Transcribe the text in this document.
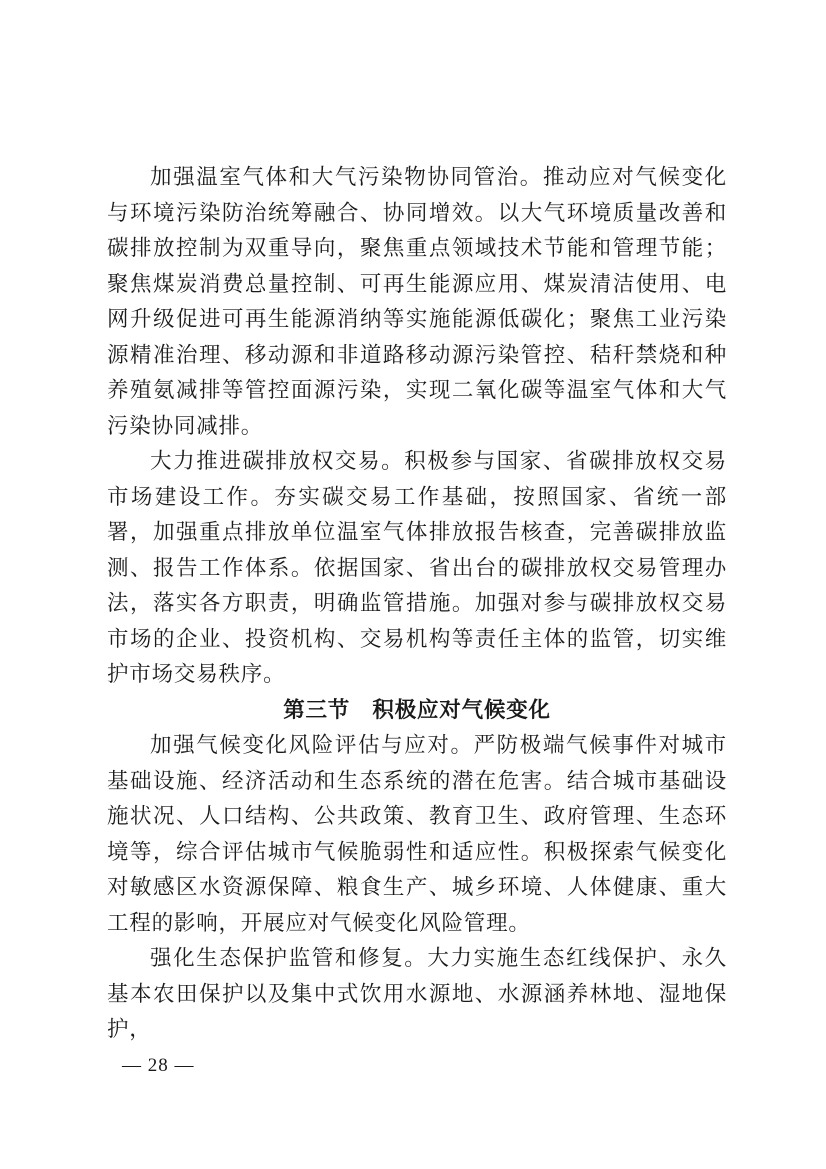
加强温室气体和大气污染物协同管治。推动应对气候变化与环境污染防治统筹融合、协同增效。以大气环境质量改善和碳排放控制为双重导向，聚焦重点领域技术节能和管理节能；聚焦煤炭消费总量控制、可再生能源应用、煤炭清洁使用、电网升级促进可再生能源消纳等实施能源低碳化；聚焦工业污染源精准治理、移动源和非道路移动源污染管控、秸秆禁烧和种养殖氨减排等管控面源污染，实现二氧化碳等温室气体和大气污染协同减排。

大力推进碳排放权交易。积极参与国家、省碳排放权交易市场建设工作。夯实碳交易工作基础，按照国家、省统一部署，加强重点排放单位温室气体排放报告核查，完善碳排放监测、报告工作体系。依据国家、省出台的碳排放权交易管理办法，落实各方职责，明确监管措施。加强对参与碳排放权交易市场的企业、投资机构、交易机构等责任主体的监管，切实维护市场交易秩序。

第三节　积极应对气候变化

加强气候变化风险评估与应对。严防极端气候事件对城市基础设施、经济活动和生态系统的潜在危害。结合城市基础设施状况、人口结构、公共政策、教育卫生、政府管理、生态环境等，综合评估城市气候脆弱性和适应性。积极探索气候变化对敏感区水资源保障、粮食生产、城乡环境、人体健康、重大工程的影响，开展应对气候变化风险管理。

强化生态保护监管和修复。大力实施生态红线保护、永久基本农田保护以及集中式饮用水源地、水源涵养林地、湿地保护，

— 28 —
